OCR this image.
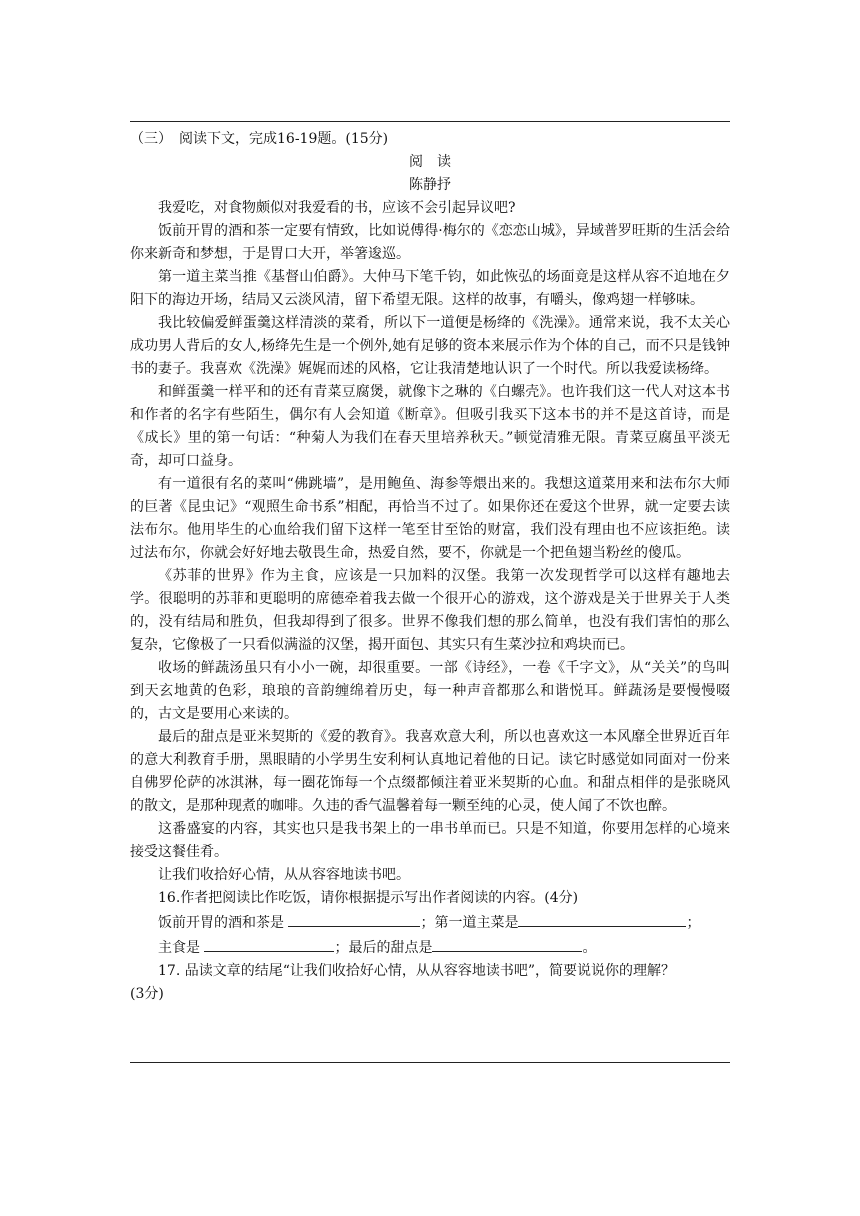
（三）　阅读下文，完成16-19题。(15分)
阅　读
陈静抒

我爱吃，对食物颇似对我爱看的书，应该不会引起异议吧?

饭前开胃的酒和茶一定要有情致，比如说傅得·梅尔的《恋恋山城》，异域普罗旺斯的生活会给你来新奇和梦想，于是胃口大开，举箸逡巡。

第一道主菜当推《基督山伯爵》。大仲马下笔千钧，如此恢弘的场面竟是这样从容不迫地在夕阳下的海边开场，结局又云淡风清，留下希望无限。这样的故事，有嚼头，像鸡翅一样够味。

我比较偏爱鲜蛋羹这样清淡的菜肴，所以下一道便是杨绛的《洗澡》。通常来说，我不太关心成功男人背后的女人,杨绛先生是一个例外,她有足够的资本来展示作为个体的自己，而不只是钱钟书的妻子。我喜欢《洗澡》娓娓而述的风格，它让我清楚地认识了一个时代。所以我爱读杨绛。

和鲜蛋羹一样平和的还有青菜豆腐煲，就像卞之琳的《白螺壳》。也许我们这一代人对这本书和作者的名字有些陌生，偶尔有人会知道《断章》。但吸引我买下这本书的并不是这首诗，而是《成长》里的第一句话：“种菊人为我们在春天里培养秋天。”顿觉清雅无限。青菜豆腐虽平淡无奇，却可口益身。

有一道很有名的菜叫“佛跳墙”，是用鲍鱼、海参等煨出来的。我想这道菜用来和法布尔大师的巨著《昆虫记》“观照生命书系”相配，再恰当不过了。如果你还在爱这个世界，就一定要去读法布尔。他用毕生的心血给我们留下这样一笔至甘至饴的财富，我们没有理由也不应该拒绝。读过法布尔，你就会好好地去敬畏生命，热爱自然，要不，你就是一个把鱼翅当粉丝的傻瓜。

《苏菲的世界》作为主食，应该是一只加料的汉堡。我第一次发现哲学可以这样有趣地去学。很聪明的苏菲和更聪明的席德牵着我去做一个很开心的游戏，这个游戏是关于世界关于人类的，没有结局和胜负，但我却得到了很多。世界不像我们想的那么简单，也没有我们害怕的那么复杂，它像极了一只看似满溢的汉堡，揭开面包、其实只有生菜沙拉和鸡块而已。

收场的鲜蔬汤虽只有小小一碗，却很重要。一部《诗经》，一卷《千字文》，从“关关”的鸟叫到天玄地黄的色彩，琅琅的音韵缠绵着历史，每一种声音都那么和谐悦耳。鲜蔬汤是要慢慢啜的，古文是要用心来读的。

最后的甜点是亚米契斯的《爱的教育》。我喜欢意大利，所以也喜欢这一本风靡全世界近百年的意大利教育手册，黑眼睛的小学男生安利柯认真地记着他的日记。读它时感觉如同面对一份来自佛罗伦萨的冰淇淋，每一圈花饰每一个点缀都倾注着亚米契斯的心血。和甜点相伴的是张晓风的散文，是那种现煮的咖啡。久违的香气温馨着每一颗至纯的心灵，使人闻了不饮也醉。

这番盛宴的内容，其实也只是我书架上的一串书单而已。只是不知道，你要用怎样的心境来接受这餐佳肴。

让我们收拾好心情，从从容容地读书吧。

16.作者把阅读比作吃饭，请你根据提示写出作者阅读的内容。(4分)

饭前开胃的酒和茶是	；第一道主菜是	；

主食是	；最后的甜点是	。

17. 品读文章的结尾“让我们收拾好心情，从从容容地读书吧”，简要说说你的理解？

(3分)
